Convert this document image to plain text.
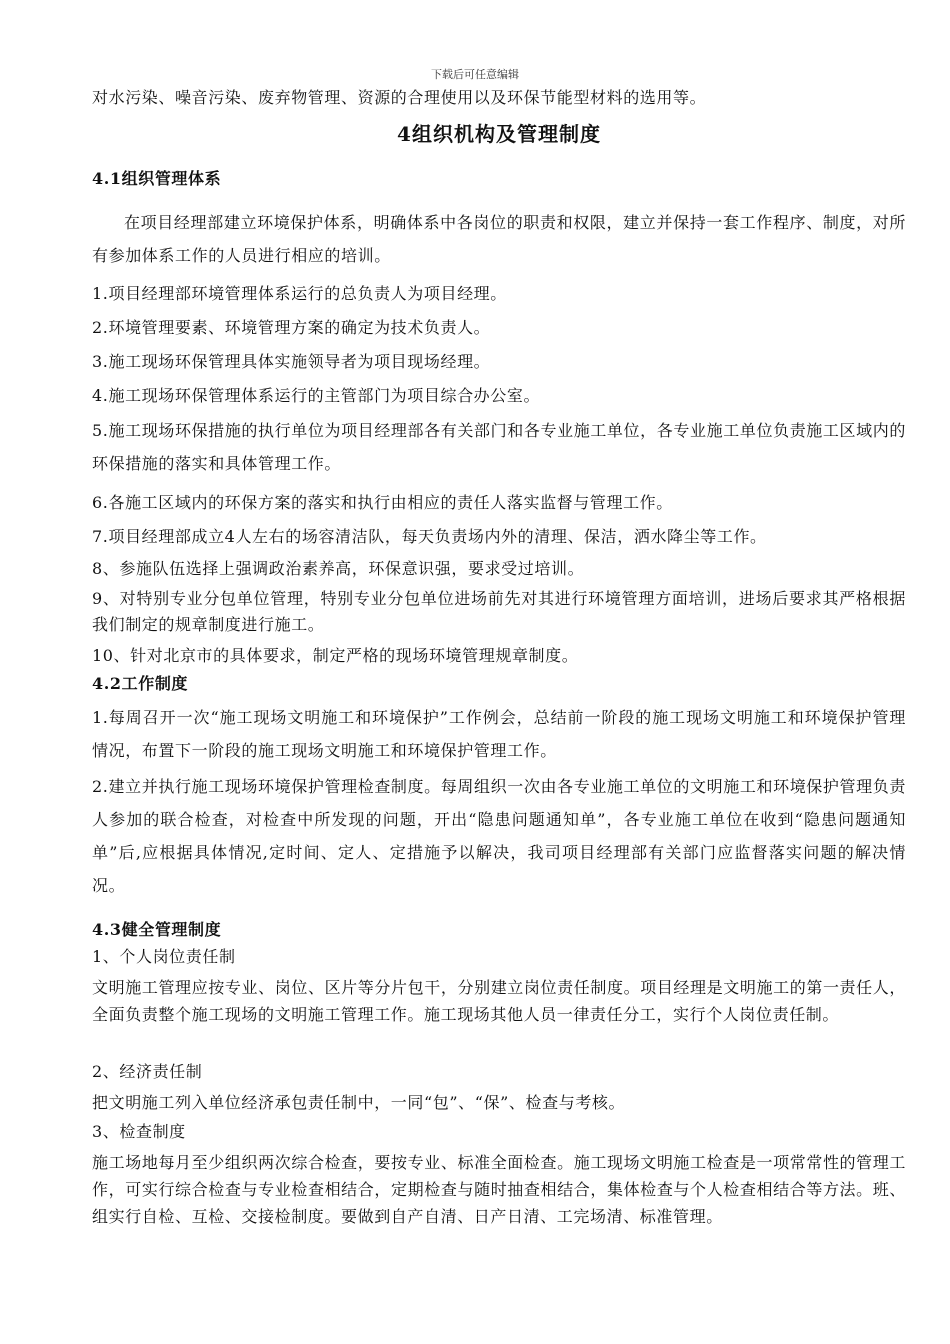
下载后可任意编辑

对水污染、噪音污染、废弃物管理、资源的合理使用以及环保节能型材料的选用等。

4组织机构及管理制度

4.1组织管理体系

在项目经理部建立环境保护体系，明确体系中各岗位的职责和权限，建立并保持一套工作程序、制度，对所有参加体系工作的人员进行相应的培训。

1.项目经理部环境管理体系运行的总负责人为项目经理。

2.环境管理要素、环境管理方案的确定为技术负责人。

3.施工现场环保管理具体实施领导者为项目现场经理。

4.施工现场环保管理体系运行的主管部门为项目综合办公室。

5.施工现场环保措施的执行单位为项目经理部各有关部门和各专业施工单位，各专业施工单位负责施工区域内的环保措施的落实和具体管理工作。

6.各施工区域内的环保方案的落实和执行由相应的责任人落实监督与管理工作。

7.项目经理部成立4人左右的场容清洁队，每天负责场内外的清理、保洁，洒水降尘等工作。

8、参施队伍选择上强调政治素养高，环保意识强，要求受过培训。

9、对特别专业分包单位管理，特别专业分包单位进场前先对其进行环境管理方面培训，进场后要求其严格根据我们制定的规章制度进行施工。

10、针对北京市的具体要求，制定严格的现场环境管理规章制度。

4.2工作制度

1.每周召开一次“施工现场文明施工和环境保护”工作例会，总结前一阶段的施工现场文明施工和环境保护管理情况，布置下一阶段的施工现场文明施工和环境保护管理工作。

2.建立并执行施工现场环境保护管理检查制度。每周组织一次由各专业施工单位的文明施工和环境保护管理负责人参加的联合检查，对检查中所发现的问题，开出“隐患问题通知单”，各专业施工单位在收到“隐患问题通知单”后,应根据具体情况,定时间、定人、定措施予以解决，我司项目经理部有关部门应监督落实问题的解决情况。

4.3健全管理制度

1、个人岗位责任制

文明施工管理应按专业、岗位、区片等分片包干，分别建立岗位责任制度。项目经理是文明施工的第一责任人，全面负责整个施工现场的文明施工管理工作。施工现场其他人员一律责任分工，实行个人岗位责任制。

2、经济责任制

把文明施工列入单位经济承包责任制中，一同“包”、“保”、检查与考核。

3、检查制度

施工场地每月至少组织两次综合检查，要按专业、标准全面检查。施工现场文明施工检查是一项常常性的管理工作，可实行综合检查与专业检查相结合，定期检查与随时抽查相结合，集体检查与个人检查相结合等方法。班、组实行自检、互检、交接检制度。要做到自产自清、日产日清、工完场清、标准管理。
